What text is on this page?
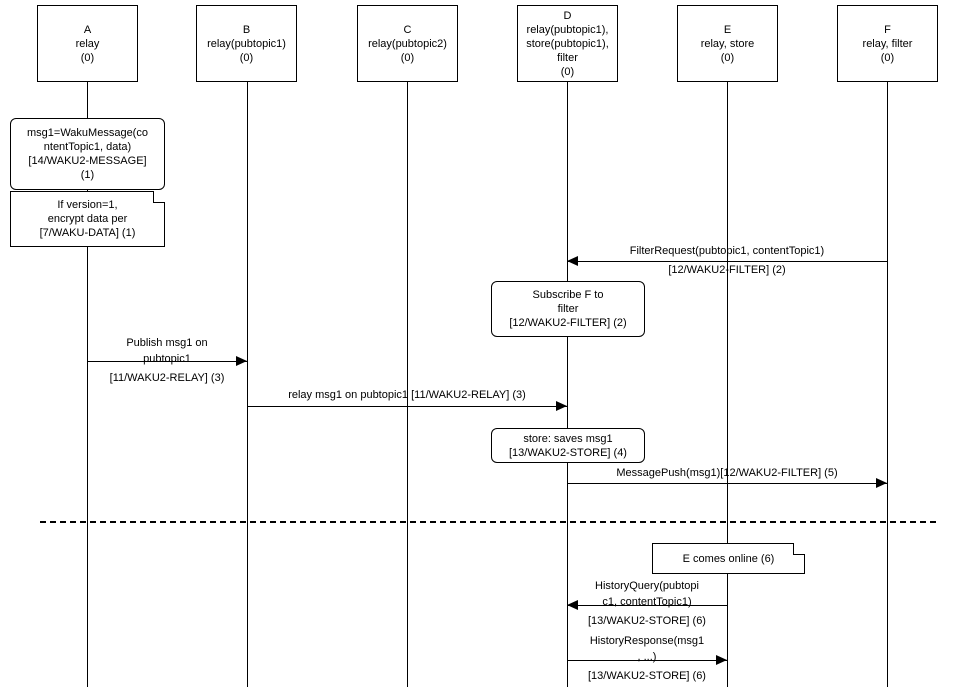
A
relay
(0)
B
relay(pubtopic1)
(0)
C
relay(pubtopic2)
(0)
D
relay(pubtopic1),
store(pubtopic1),
filter
(0)
E
relay, store
(0)
F
relay, filter
(0)
msg1=WakuMessage(co
ntentTopic1, data)
[14/WAKU2-MESSAGE]
(1)
If version=1,
encrypt data per
[7/WAKU-DATA] (1)
FilterRequest(pubtopic1, contentTopic1)
[12/WAKU2-FILTER] (2)
Subscribe F to
filter
[12/WAKU2-FILTER] (2)
Publish msg1 on
pubtopic1
[11/WAKU2-RELAY] (3)
relay msg1 on pubtopic1 [11/WAKU2-RELAY] (3)
store: saves msg1
[13/WAKU2-STORE] (4)
MessagePush(msg1)[12/WAKU2-FILTER] (5)
E comes online (6)
HistoryQuery(pubtopi
c1, contentTopic1)
[13/WAKU2-STORE] (6)
HistoryResponse(msg1
, ...)
[13/WAKU2-STORE] (6)
